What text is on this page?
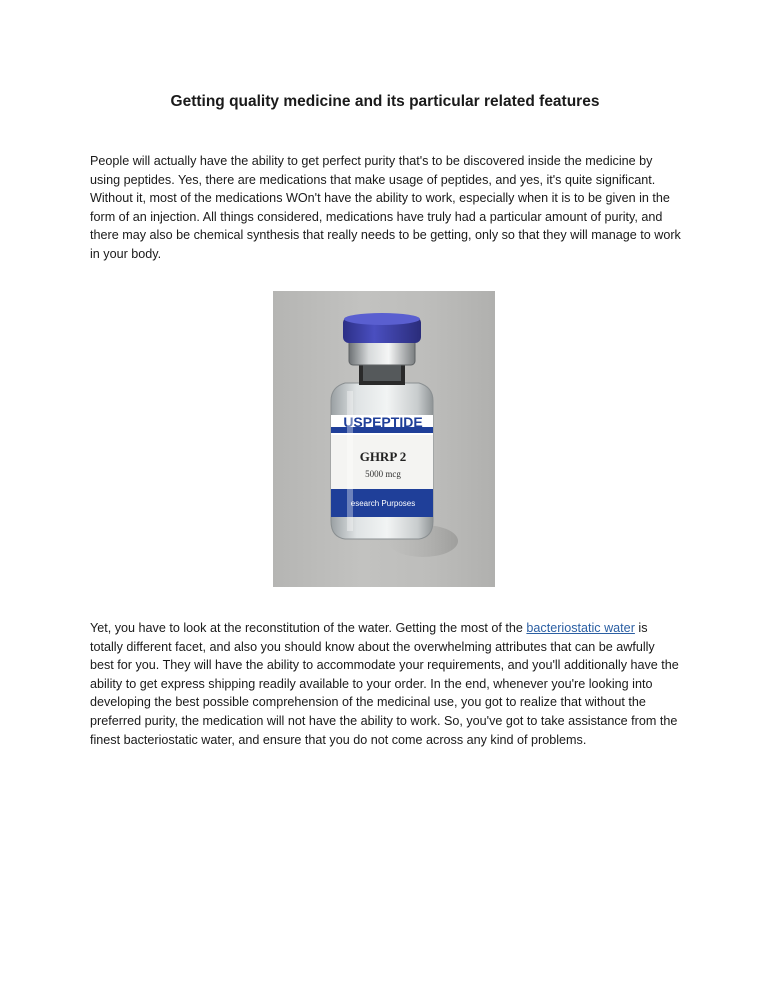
Getting quality medicine and its particular related features

People will actually have the ability to get perfect purity that's to be discovered inside the medicine by using peptides. Yes, there are medications that make usage of peptides, and yes, it's quite significant. Without it, most of the medications WOn't have the ability to work, especially when it is to be given in the form of an injection. All things considered, medications have truly had a particular amount of purity, and there may also be chemical synthesis that really needs to be getting, only so that they will manage to work in your body.

USPEPTIDE
GHRP 2
5000 mcg
esearch Purposes

Yet, you have to look at the reconstitution of the water. Getting the most of the bacteriostatic water is totally different facet, and also you should know about the overwhelming attributes that can be awfully best for you. They will have the ability to accommodate your requirements, and you'll additionally have the ability to get express shipping readily available to your order. In the end, whenever you're looking into developing the best possible comprehension of the medicinal use, you got to realize that without the preferred purity, the medication will not have the ability to work. So, you've got to take assistance from the finest bacteriostatic water, and ensure that you do not come across any kind of problems.
